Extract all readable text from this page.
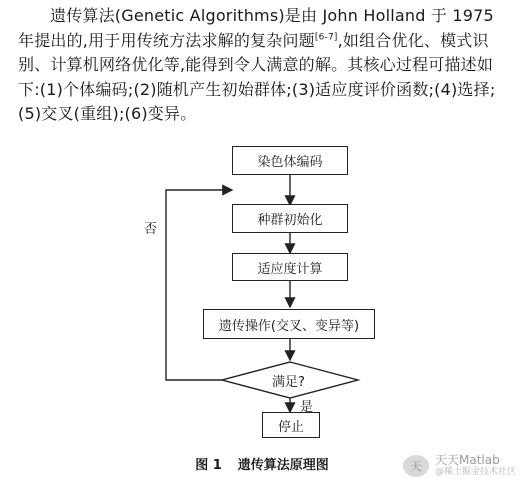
遗传算法(Genetic Algorithms)是由 John Holland 于 1975 年提出的,用于用传统方法求解的复杂问题[6-7],如组合优化、模式识别、计算机网络优化等,能得到令人满意的解。其核心过程可描述如下:(1)个体编码;(2)随机产生初始群体;(3)适应度评价函数;(4)选择;(5)交叉(重组);(6)变异。

染色体编码
种群初始化
适应度计算
遗传操作(交叉、变异等)
满足?
停止
否
是
图 1 遗传算法原理图	天	天天Matlab
@稀土掘金技术社区
